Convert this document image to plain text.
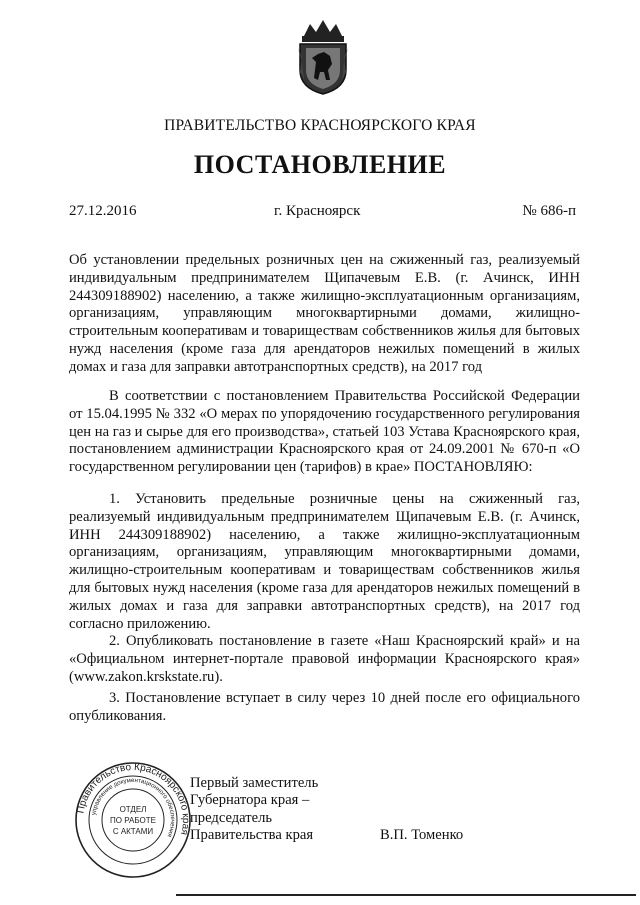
ПРАВИТЕЛЬСТВО КРАСНОЯРСКОГО КРАЯ
ПОСТАНОВЛЕНИЕ
27.12.2016	г. Красноярск	№ 686-п

Об установлении предельных розничных цен на сжиженный газ, реализуемый индивидуальным предпринимателем Щипачевым Е.В. (г. Ачинск, ИНН 244309188902) населению, а также жилищно-эксплуатационным организациям, организациям, управляющим многоквартирными домами, жилищно-строительным кооперативам и товариществам собственников жилья для бытовых нужд населения (кроме газа для арендаторов нежилых помещений в жилых домах и газа для заправки автотранспортных средств), на 2017 год

В соответствии с постановлением Правительства Российской Федерации от 15.04.1995 № 332 «О мерах по упорядочению государственного регулирования цен на газ и сырье для его производства», статьей 103 Устава Красноярского края, постановлением администрации Красноярского края от 24.09.2001 № 670-п «О государственном регулировании цен (тарифов) в крае» ПОСТАНОВЛЯЮ:

1. Установить предельные розничные цены на сжиженный газ, реализуемый индивидуальным предпринимателем Щипачевым Е.В. (г. Ачинск, ИНН 244309188902) населению, а также жилищно-эксплуатационным организациям, организациям, управляющим многоквартирными домами, жилищно-строительным кооперативам и товариществам собственников жилья для бытовых нужд населения (кроме газа для арендаторов нежилых помещений в жилых домах и газа для заправки автотранспортных средств), на 2017 год согласно приложению.

2. Опубликовать постановление в газете «Наш Красноярский край» и на «Официальном интернет-портале правовой информации Красноярского края» (www.zakon.krskstate.ru).

3. Постановление вступает в силу через 10 дней после его официального опубликования.

Правительство Красноярского края
управление документационного обеспечения
ОТДЕЛ
ПО РАБОТЕ
С АКТАМИ
Первый заместитель
Губернатора края –
председатель
Правительства края	В.П. Томенко
